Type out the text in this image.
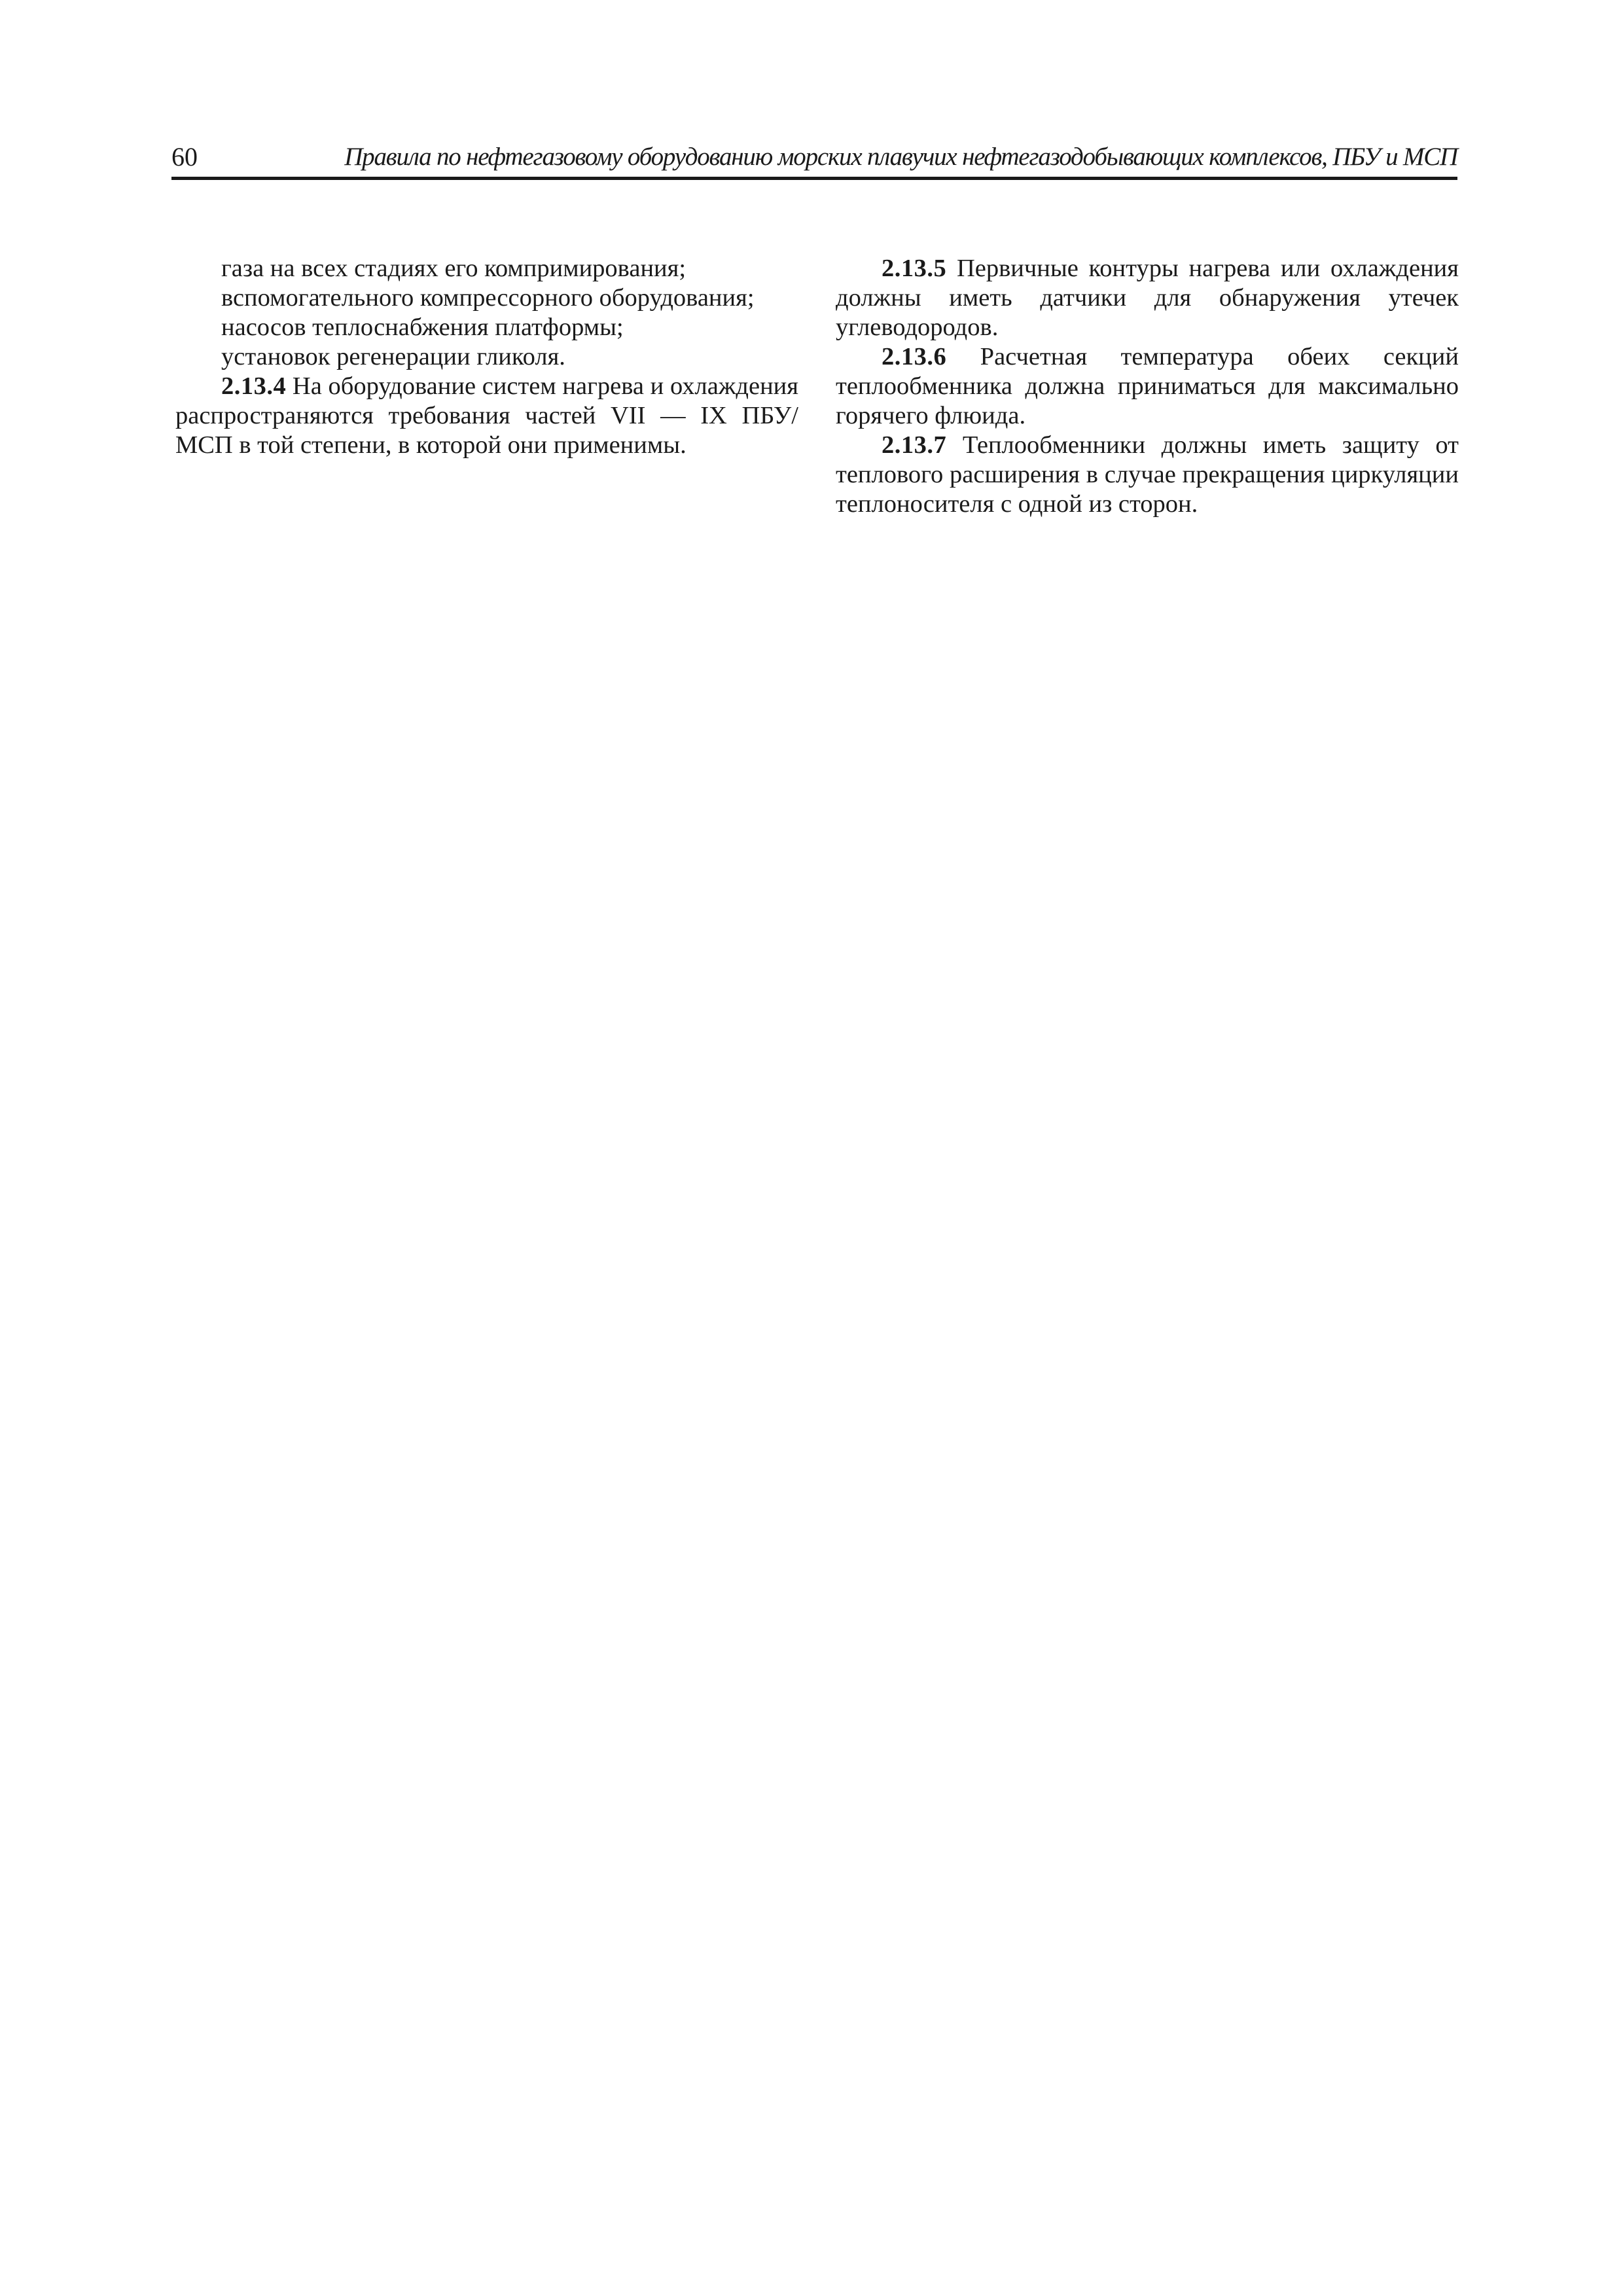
60	Правила по нефтегазовому оборудованию морских плавучих нефтегазодобывающих комплексов, ПБУ и МСП

газа на всех стадиях его компримирования;

вспомогательного компрессорного оборудования;

насосов теплоснабжения платформы;

установок регенерации гликоля.

2.13.4 На оборудование систем нагрева и охлаждения распространяются требования частей VII — IX ПБУ/МСП в той степени, в которой они применимы.

2.13.5 Первичные контуры нагрева или охлаждения должны иметь датчики для обнаружения утечек углеводородов.

2.13.6 Расчетная температура обеих секций теплообменника должна приниматься для максимально горячего флюида.

2.13.7 Теплообменники должны иметь защиту от теплового расширения в случае прекращения циркуляции теплоносителя с одной из сторон.
